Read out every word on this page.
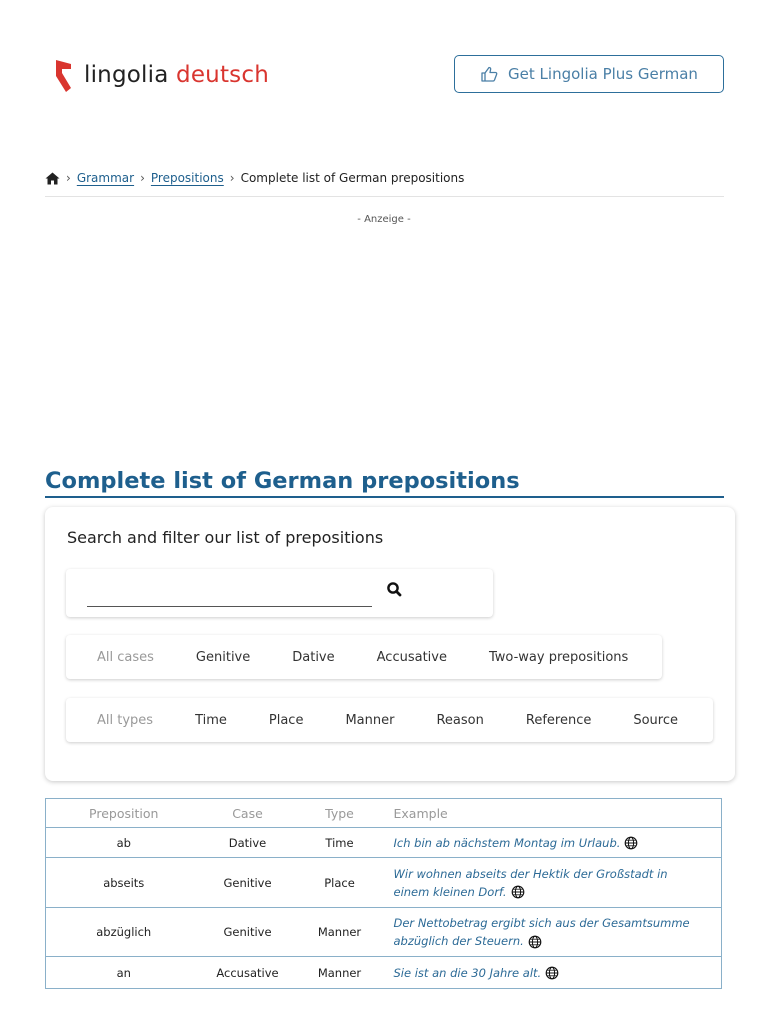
lingolia deutsch	Get Lingolia Plus German
› Grammar › Prepositions › Complete list of German prepositions
- Anzeige -
Complete list of German prepositions
Search and filter our list of prepositions
All cases	Genitive	Dative	Accusative	Two-way prepositions
All types	Time	Place	Manner	Reason	Reference	Source
Preposition	Case	Type	Example
ab	Dative	Time	Ich bin ab nächstem Montag im Urlaub.
abseits	Genitive	Place	Wir wohnen abseits der Hektik der Großstadt in einem kleinen Dorf.
abzüglich	Genitive	Manner	Der Nettobetrag ergibt sich aus der Gesamtsumme abzüglich der Steuern.
an	Accusative	Manner	Sie ist an die 30 Jahre alt.
